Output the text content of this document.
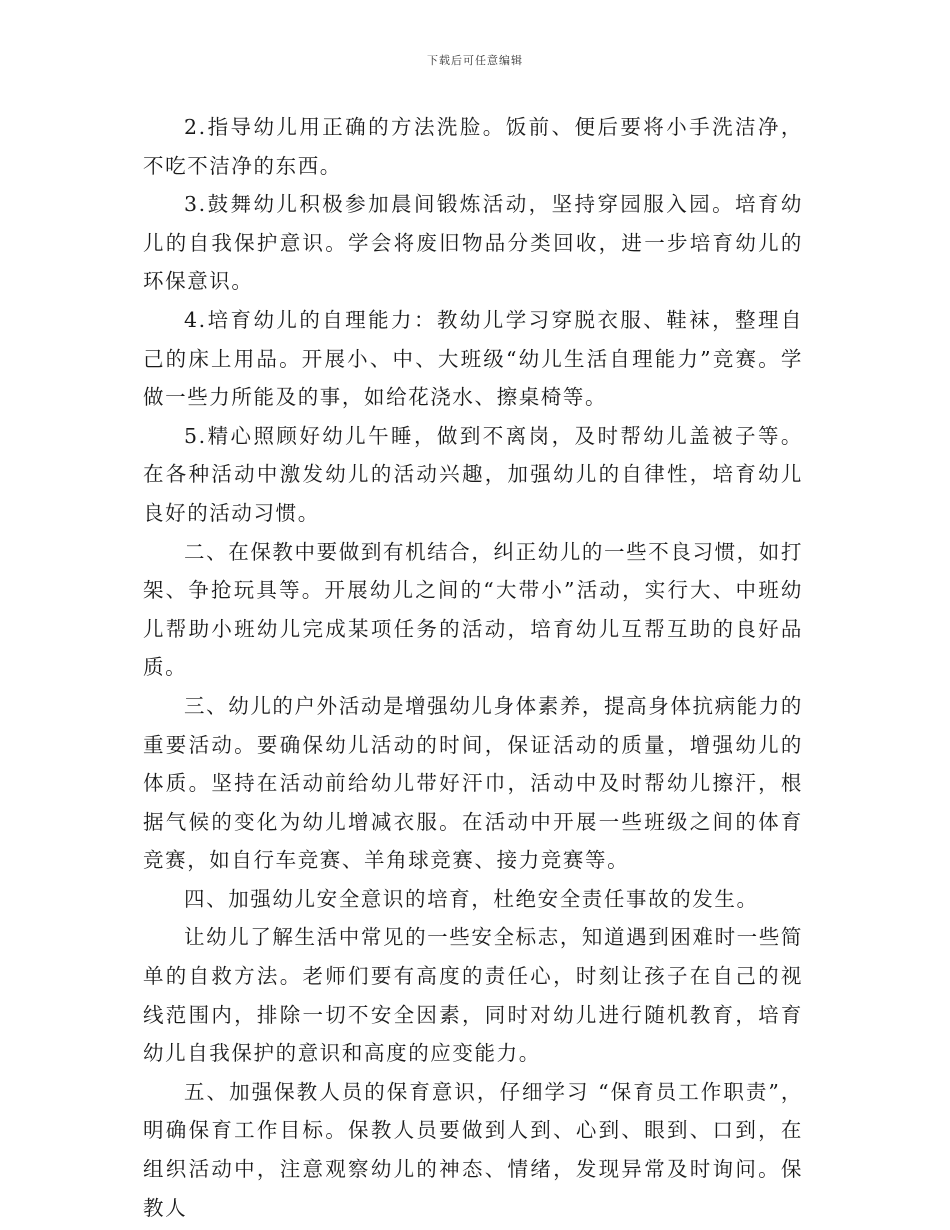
下载后可任意编辑

2.指导幼儿用正确的方法洗脸。饭前、便后要将小手洗洁净，不吃不洁净的东西。

3.鼓舞幼儿积极参加晨间锻炼活动，坚持穿园服入园。培育幼儿的自我保护意识。学会将废旧物品分类回收，进一步培育幼儿的环保意识。

4.培育幼儿的自理能力：教幼儿学习穿脱衣服、鞋袜，整理自己的床上用品。开展小、中、大班级“幼儿生活自理能力”竞赛。学做一些力所能及的事，如给花浇水、擦桌椅等。

5.精心照顾好幼儿午睡，做到不离岗，及时帮幼儿盖被子等。在各种活动中激发幼儿的活动兴趣，加强幼儿的自律性，培育幼儿良好的活动习惯。

二、在保教中要做到有机结合，纠正幼儿的一些不良习惯，如打架、争抢玩具等。开展幼儿之间的“大带小”活动，实行大、中班幼儿帮助小班幼儿完成某项任务的活动，培育幼儿互帮互助的良好品质。

三、幼儿的户外活动是增强幼儿身体素养，提高身体抗病能力的重要活动。要确保幼儿活动的时间，保证活动的质量，增强幼儿的体质。坚持在活动前给幼儿带好汗巾，活动中及时帮幼儿擦汗，根据气候的变化为幼儿增减衣服。在活动中开展一些班级之间的体育竞赛，如自行车竞赛、羊角球竞赛、接力竞赛等。

四、加强幼儿安全意识的培育，杜绝安全责任事故的发生。

让幼儿了解生活中常见的一些安全标志，知道遇到困难时一些简单的自救方法。老师们要有高度的责任心，时刻让孩子在自己的视线范围内，排除一切不安全因素，同时对幼儿进行随机教育，培育幼儿自我保护的意识和高度的应变能力。

五、加强保教人员的保育意识，仔细学习 “保育员工作职责”，明确保育工作目标。保教人员要做到人到、心到、眼到、口到，在组织活动中，注意观察幼儿的神态、情绪，发现异常及时询问。保教人
